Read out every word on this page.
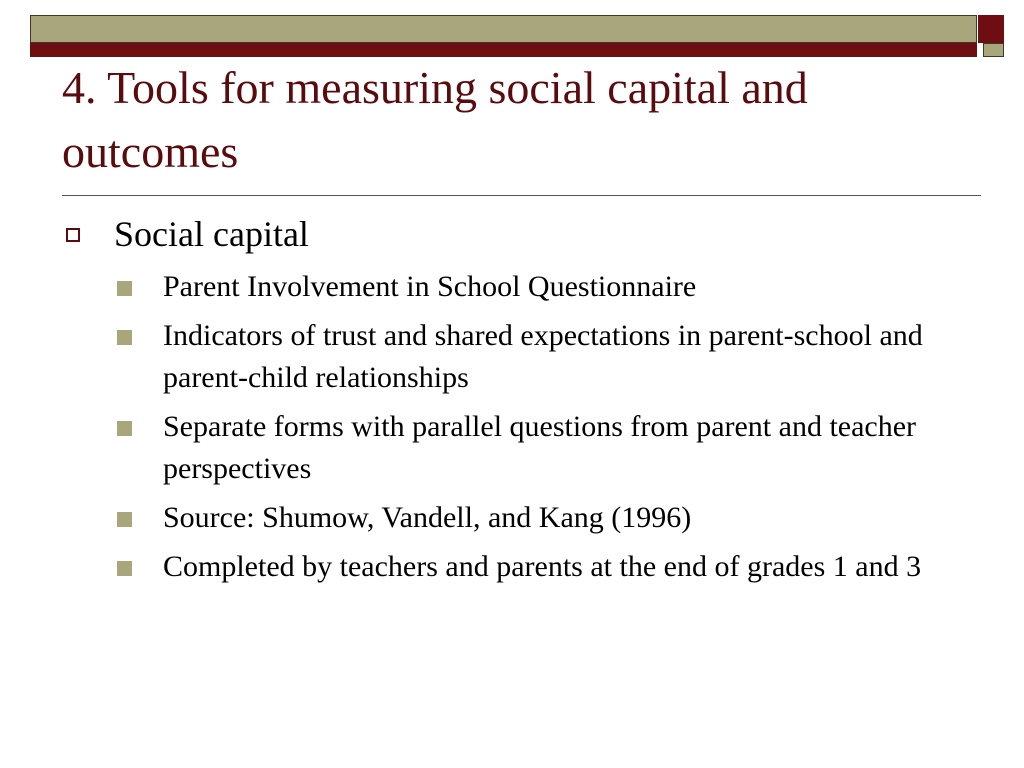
4. Tools for measuring social capital and outcomes

Social capital

Parent Involvement in School Questionnaire
Indicators of trust and shared expectations in parent-school and parent-child relationships
Separate forms with parallel questions from parent and teacher perspectives
Source: Shumow, Vandell, and Kang (1996)
Completed by teachers and parents at the end of grades 1 and 3
